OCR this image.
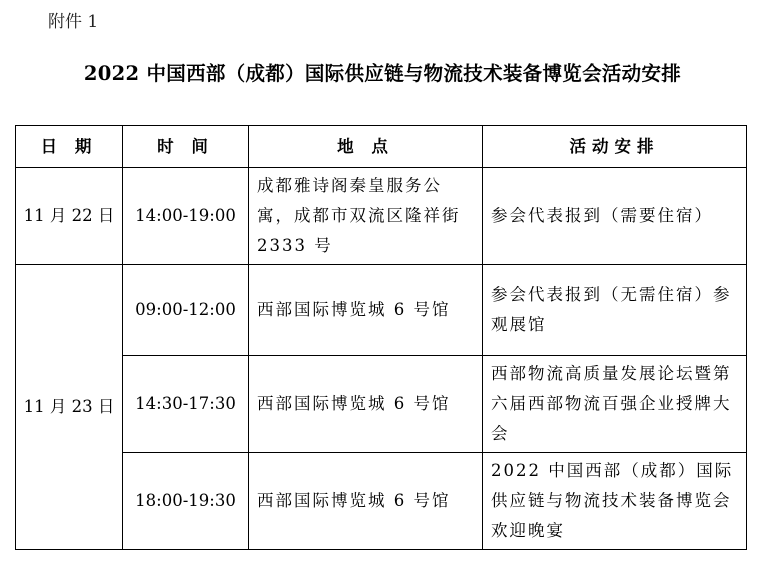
附件 1
2022 中国西部（成都）国际供应链与物流技术装备博览会活动安排
日 期	时 间	地 点	活动安排
11 月 22 日	14:00-19:00	成都雅诗阁秦皇服务公寓，成都市双流区隆祥街 2333 号	参会代表报到（需要住宿）
11 月 23 日	09:00-12:00	西部国际博览城 6 号馆	参会代表报到（无需住宿）参观展馆
	14:30-17:30	西部国际博览城 6 号馆	西部物流高质量发展论坛暨第六届西部物流百强企业授牌大会
	18:00-19:30	西部国际博览城 6 号馆	2022 中国西部（成都）国际供应链与物流技术装备博览会欢迎晚宴
